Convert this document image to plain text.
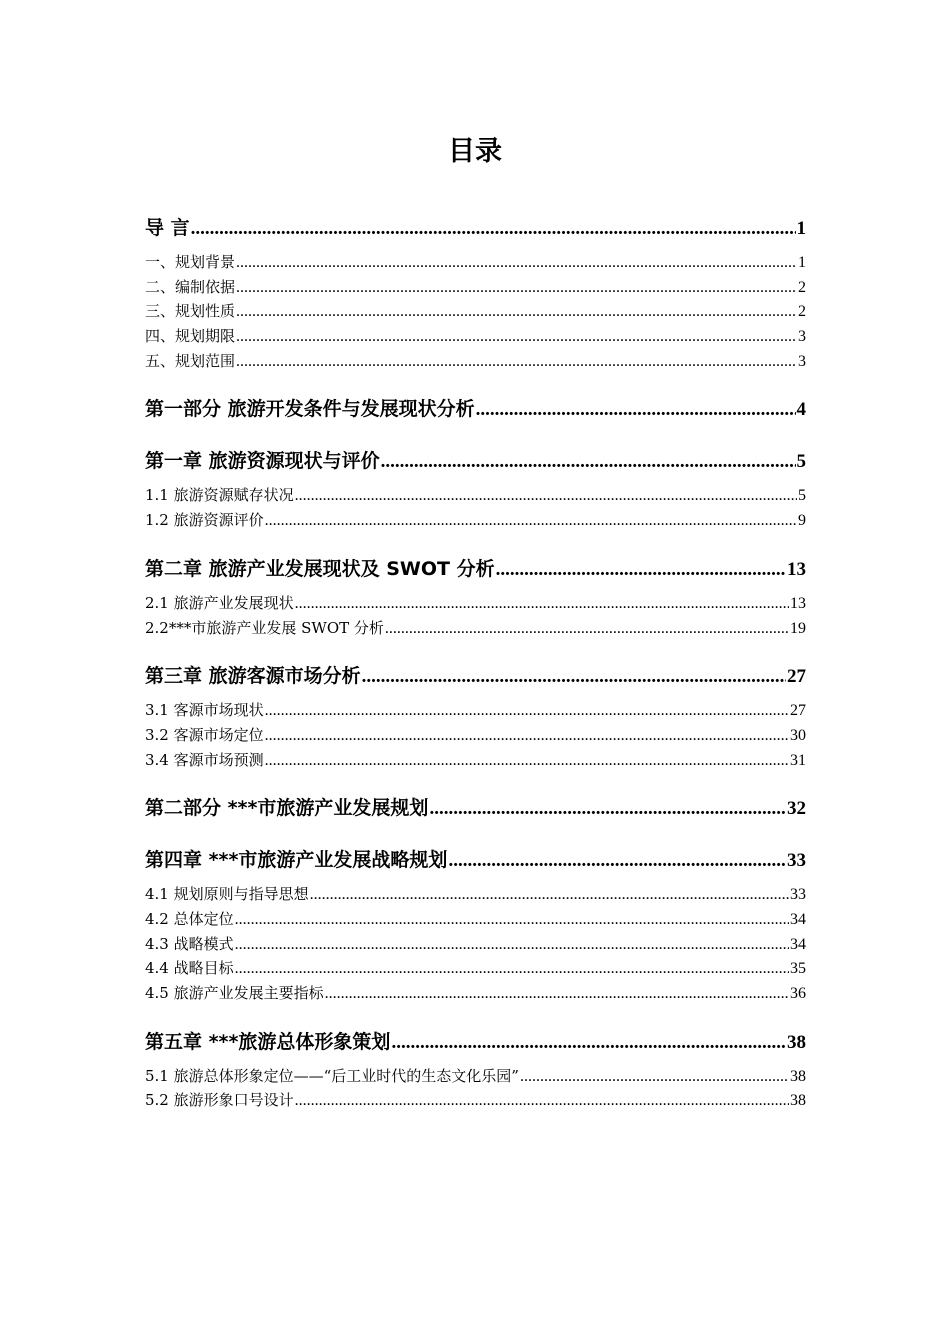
目录
导 言 .....	1
一、规划背景 .....	1
二、编制依据 .....	2
三、规划性质 .....	2
四、规划期限 .....	3
五、规划范围 .....	3
第一部分 旅游开发条件与发展现状分析 .....	4
第一章 旅游资源现状与评价 .....	5
1.1 旅游资源赋存状况 .....	5
1.2 旅游资源评价 .....	9
第二章 旅游产业发展现状及 SWOT 分析 .....	13
2.1 旅游产业发展现状 .....	13
2.2***市旅游产业发展 SWOT 分析 .....	19
第三章 旅游客源市场分析 .....	27
3.1 客源市场现状 .....	27
3.2 客源市场定位 .....	30
3.4 客源市场预测 .....	31
第二部分 ***市旅游产业发展规划 .....	32
第四章 ***市旅游产业发展战略规划 .....	33
4.1 规划原则与指导思想 .....	33
4.2 总体定位 .....	34
4.3 战略模式 .....	34
4.4 战略目标 .....	35
4.5 旅游产业发展主要指标 .....	36
第五章 ***旅游总体形象策划 .....	38
5.1 旅游总体形象定位——“后工业时代的生态文化乐园” .....	38
5.2 旅游形象口号设计 .....	38
